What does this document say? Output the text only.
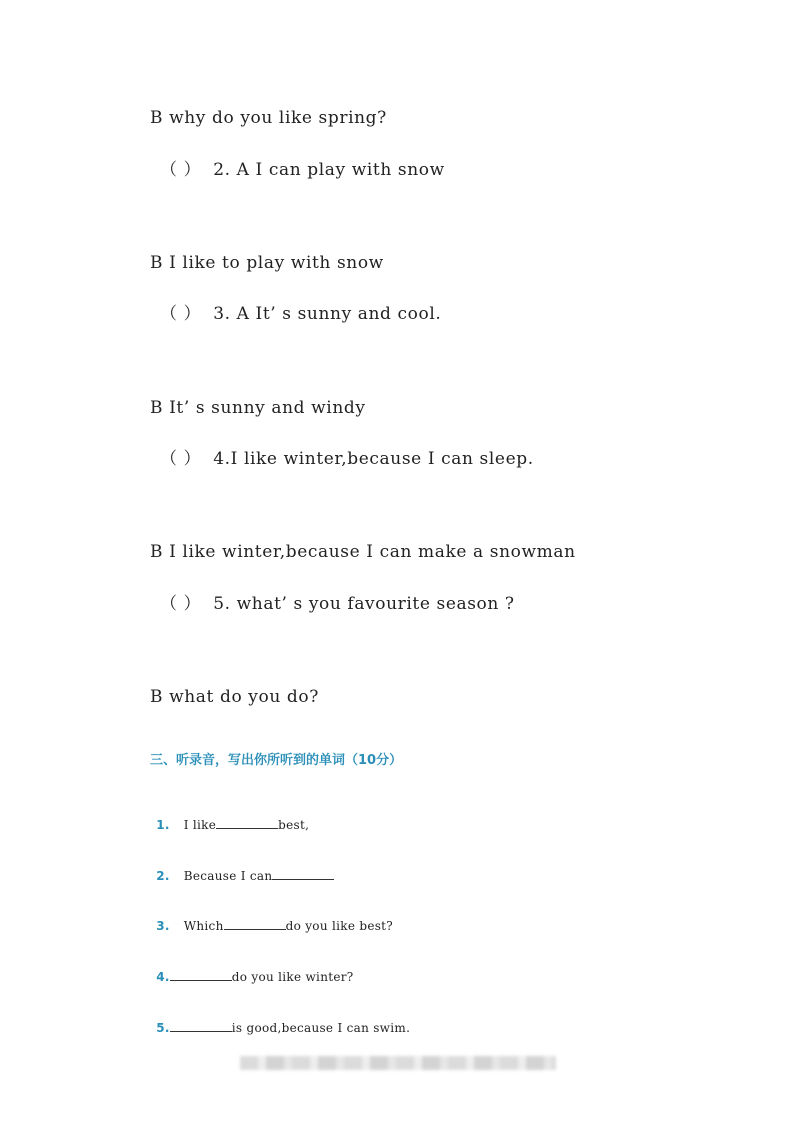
B why do you like spring?
（ ）  2. A I can play with snow
B I like to play with snow
（ ）  3. A It’ s sunny and cool.
B It’ s sunny and windy
（ ）  4.I like winter,because I can sleep.
B I like winter,because I can make a snowman
（ ）  5. what’ s you favourite season ?
B what do you do?
三、听录音，写出你所听到的单词（10分）

1. I like	best,

2. Because I can

3. Which	do you like best?

4.	do you like winter?

5.	is good,because I can swim.
